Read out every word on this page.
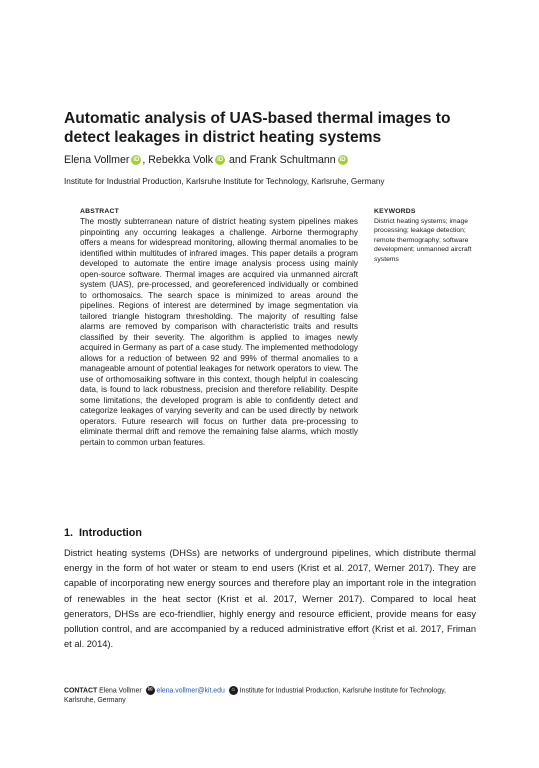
Automatic analysis of UAS-based thermal images to detect leakages in district heating systems
Elena Vollmer iD , Rebekka Volk iD and Frank Schultmann iD
Institute for Industrial Production, Karlsruhe Institute for Technology, Karlsruhe, Germany
ABSTRACT
The mostly subterranean nature of district heating system pipelines makes pinpointing any occurring leakages a challenge. Airborne thermography offers a means for widespread monitoring, allowing thermal anomalies to be identified within multitudes of infrared images. This paper details a program developed to automate the entire image analysis process using mainly open-source software. Thermal images are acquired via unmanned aircraft system (UAS), pre-processed, and georeferenced individually or combined to orthomosaics. The search space is minimized to areas around the pipelines. Regions of interest are determined by image segmentation via tailored triangle histogram thresholding. The majority of resulting false alarms are removed by comparison with characteristic traits and results classified by their severity. The algorithm is applied to images newly acquired in Germany as part of a case study. The implemented methodology allows for a reduction of between 92 and 99% of thermal anomalies to a manageable amount of potential leakages for network operators to view. The use of orthomosaiking software in this context, though helpful in coalescing data, is found to lack robustness, precision and therefore reliability. Despite some limitations, the developed program is able to confidently detect and categorize leakages of varying severity and can be used directly by network operators. Future research will focus on further data pre-processing to eliminate thermal drift and remove the remaining false alarms, which mostly pertain to common urban features.
KEYWORDS
District heating systems; image processing; leakage detection; remote thermography; software development; unmanned aircraft systems
1. Introduction
District heating systems (DHSs) are networks of underground pipelines, which distribute thermal energy in the form of hot water or steam to end users (Krist et al. 2017, Werner 2017). They are capable of incorporating new energy sources and therefore play an important role in the integration of renewables in the heat sector (Krist et al. 2017, Werner 2017). Compared to local heat generators, DHSs are eco-friendlier, highly energy and resource efficient, provide means for easy pollution control, and are accompanied by a reduced administrative effort (Krist et al. 2017, Friman et al. 2014).
CONTACT Elena Vollmer ✉ elena.vollmer@kit.edu ⌂ Institute for Industrial Production, Karlsruhe Institute for Technology, Karlsruhe, Germany
